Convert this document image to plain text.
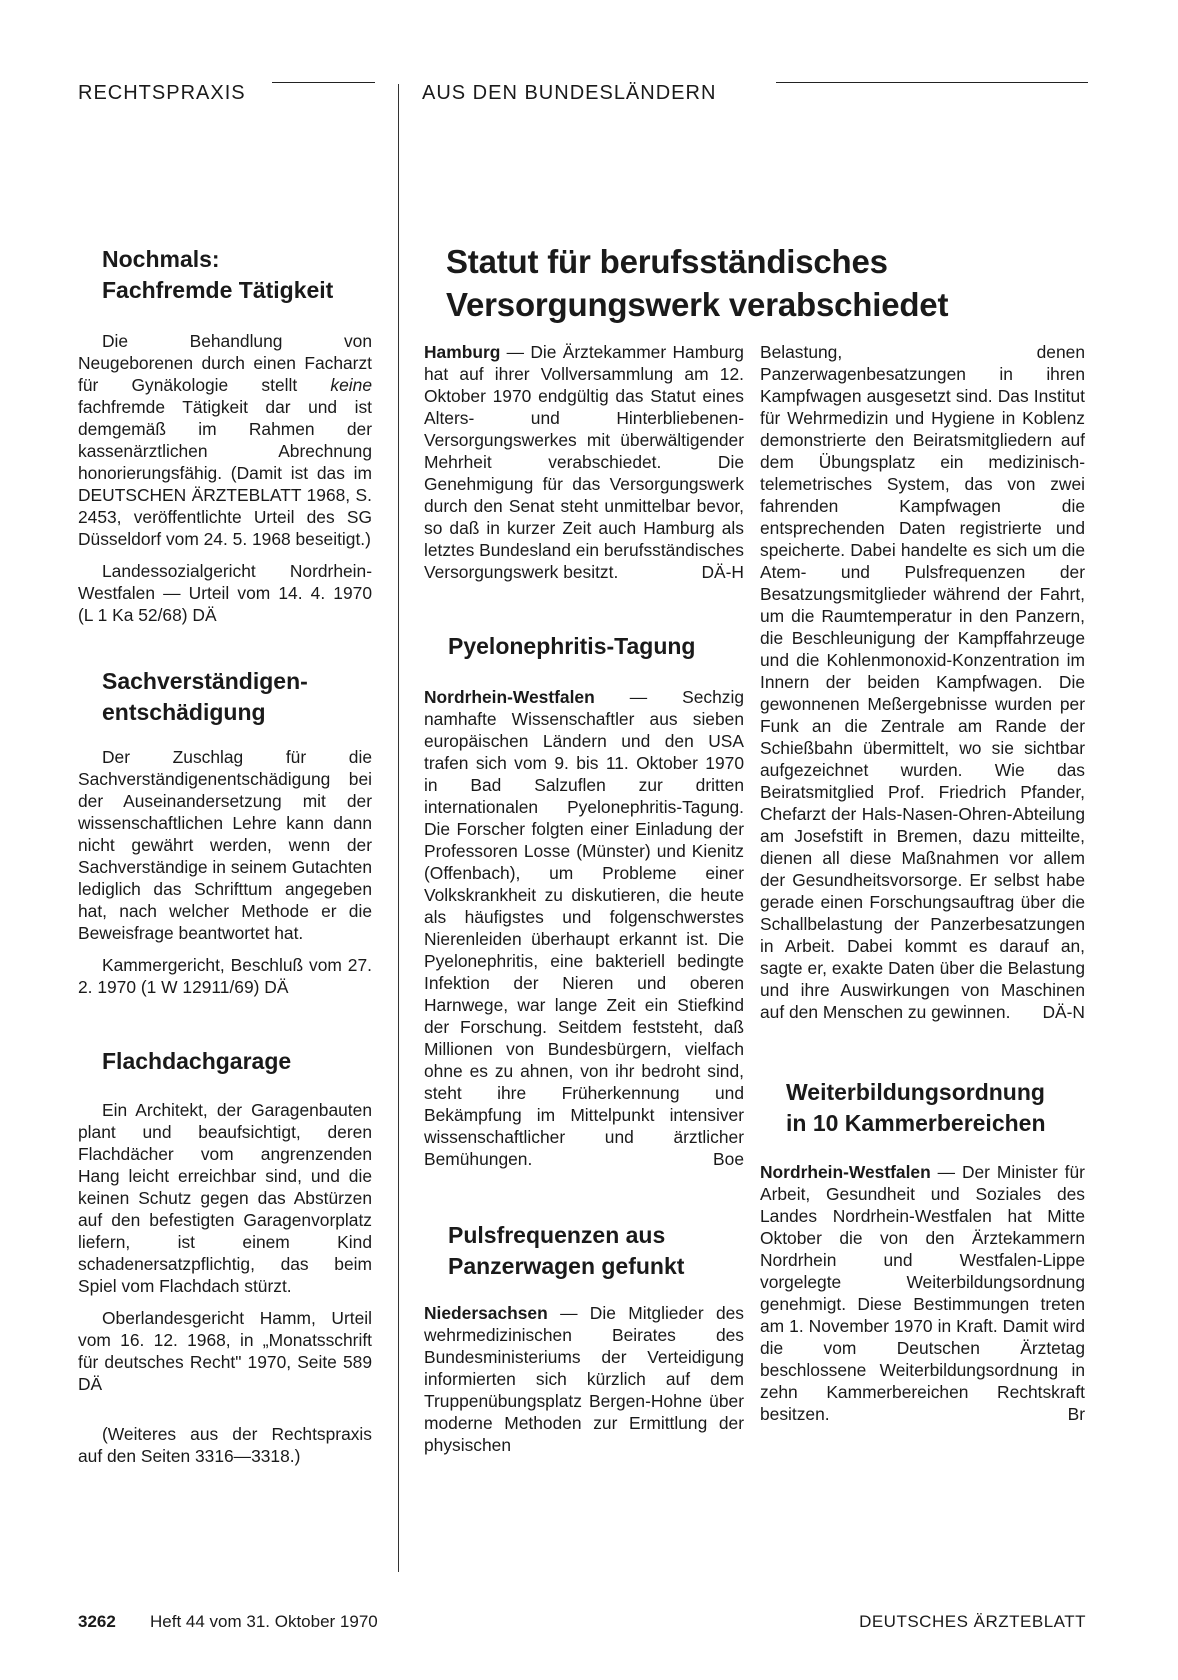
RECHTSPRAXIS	AUS DEN BUNDESLÄNDERN
Nochmals:
Fachfremde Tätigkeit

Die Behandlung von Neugeborenen durch einen Facharzt für Gynäkologie stellt keine fachfremde Tätigkeit dar und ist demgemäß im Rahmen der kassenärztlichen Abrechnung honorierungsfähig. (Damit ist das im DEUTSCHEN ÄRZTEBLATT 1968, S. 2453, veröffentlichte Urteil des SG Düsseldorf vom 24. 5. 1968 beseitigt.)

Landessozialgericht Nordrhein-Westfalen — Urteil vom 14. 4. 1970 (L 1 Ka 52/68) DÄ

Sachverständigen-
entschädigung

Der Zuschlag für die Sachverständigenentschädigung bei der Auseinandersetzung mit der wissenschaftlichen Lehre kann dann nicht gewährt werden, wenn der Sachverständige in seinem Gutachten lediglich das Schrifttum angegeben hat, nach welcher Methode er die Beweisfrage beantwortet hat.

Kammergericht, Beschluß vom 27. 2. 1970 (1 W 12911/69) DÄ

Flachdachgarage

Ein Architekt, der Garagenbauten plant und beaufsichtigt, deren Flachdächer vom angrenzenden Hang leicht erreichbar sind, und die keinen Schutz gegen das Abstürzen auf den befestigten Garagenvorplatz liefern, ist einem Kind schadenersatzpflichtig, das beim Spiel vom Flachdach stürzt.

Oberlandesgericht Hamm, Urteil vom 16. 12. 1968, in „Monatsschrift für deutsches Recht" 1970, Seite 589 DÄ

(Weiteres aus der Rechtspraxis auf den Seiten 3316—3318.)

Statut für berufsständisches
Versorgungswerk verabschiedet

Hamburg — Die Ärztekammer Hamburg hat auf ihrer Vollversammlung am 12. Oktober 1970 endgültig das Statut eines Alters- und Hinterbliebenen-Versorgungswerkes mit überwältigender Mehrheit verabschiedet. Die Genehmigung für das Versorgungswerk durch den Senat steht unmittelbar bevor, so daß in kurzer Zeit auch Hamburg als letztes Bundesland ein berufsständisches Versorgungswerk besitzt.	DÄ-H

Pyelonephritis-Tagung

Nordrhein-Westfalen — Sechzig namhafte Wissenschaftler aus sieben europäischen Ländern und den USA trafen sich vom 9. bis 11. Oktober 1970 in Bad Salzuflen zur dritten internationalen Pyelonephritis-Tagung. Die Forscher folgten einer Einladung der Professoren Losse (Münster) und Kienitz (Offenbach), um Probleme einer Volkskrankheit zu diskutieren, die heute als häufigstes und folgenschwerstes Nierenleiden überhaupt erkannt ist. Die Pyelonephritis, eine bakteriell bedingte Infektion der Nieren und oberen Harnwege, war lange Zeit ein Stiefkind der Forschung. Seitdem feststeht, daß Millionen von Bundesbürgern, vielfach ohne es zu ahnen, von ihr bedroht sind, steht ihre Früherkennung und Bekämpfung im Mittelpunkt intensiver wissenschaftlicher und ärztlicher Bemühungen.	Boe

Pulsfrequenzen aus
Panzerwagen gefunkt

Niedersachsen — Die Mitglieder des wehrmedizinischen Beirates des Bundesministeriums der Verteidigung informierten sich kürzlich auf dem Truppenübungsplatz Bergen-Hohne über moderne Methoden zur Ermittlung der physischen

Belastung, denen Panzerwagenbesatzungen in ihren Kampfwagen ausgesetzt sind. Das Institut für Wehrmedizin und Hygiene in Koblenz demonstrierte den Beiratsmitgliedern auf dem Übungsplatz ein medizinisch-telemetrisches System, das von zwei fahrenden Kampfwagen die entsprechenden Daten registrierte und speicherte. Dabei handelte es sich um die Atem- und Pulsfrequenzen der Besatzungsmitglieder während der Fahrt, um die Raumtemperatur in den Panzern, die Beschleunigung der Kampffahrzeuge und die Kohlenmonoxid-Konzentration im Innern der beiden Kampfwagen. Die gewonnenen Meßergebnisse wurden per Funk an die Zentrale am Rande der Schießbahn übermittelt, wo sie sichtbar aufgezeichnet wurden. Wie das Beiratsmitglied Prof. Friedrich Pfander, Chefarzt der Hals-Nasen-Ohren-Abteilung am Josefstift in Bremen, dazu mitteilte, dienen all diese Maßnahmen vor allem der Gesundheitsvorsorge. Er selbst habe gerade einen Forschungsauftrag über die Schallbelastung der Panzerbesatzungen in Arbeit. Dabei kommt es darauf an, sagte er, exakte Daten über die Belastung und ihre Auswirkungen von Maschinen auf den Menschen zu gewinnen. DÄ-N

Weiterbildungsordnung
in 10 Kammerbereichen

Nordrhein-Westfalen — Der Minister für Arbeit, Gesundheit und Soziales des Landes Nordrhein-Westfalen hat Mitte Oktober die von den Ärztekammern Nordrhein und Westfalen-Lippe vorgelegte Weiterbildungsordnung genehmigt. Diese Bestimmungen treten am 1. November 1970 in Kraft. Damit wird die vom Deutschen Ärztetag beschlossene Weiterbildungsordnung in zehn Kammerbereichen Rechtskraft besitzen.	Br

3262 Heft 44 vom 31. Oktober 1970	DEUTSCHES ÄRZTEBLATT
